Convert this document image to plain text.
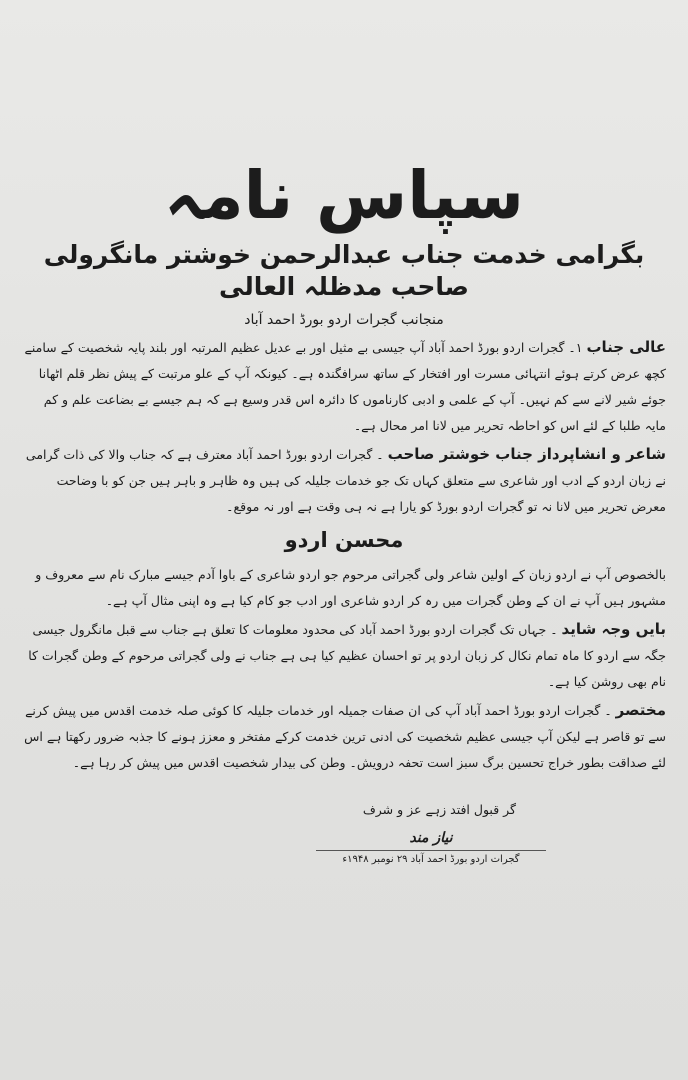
سپاس نامہ
بگرامی خدمت جناب عبدالرحمن خوشتر مانگرولی صاحب مدظلہ العالی
منجانب گجرات اردو بورڈ احمد آباد

عالی جناب ۱۔ گجرات اردو بورڈ احمد آباد آپ جیسی بے مثیل اور بے عدیل عظیم المرتبہ اور بلند پایہ شخصیت کے سامنے کچھ عرض کرتے ہوئے انتہائی مسرت اور افتخار کے ساتھ سرافگندہ ہے۔ کیونکہ آپ کے علو مرتبت کے پیش نظر قلم اٹھانا جوئے شیر لانے سے کم نہیں۔ آپ کے علمی و ادبی کارناموں کا دائرہ اس قدر وسیع ہے کہ ہم جیسے بے بضاعت علم و کم مایہ طلبا کے لئے اس کو احاطہ تحریر میں لانا امر محال ہے۔

شاعر و انشاپرداز جناب خوشتر صاحب ۔ گجرات اردو بورڈ احمد آباد معترف ہے کہ جناب والا کی ذات گرامی نے زبان اردو کے ادب اور شاعری سے متعلق کہاں تک جو خدمات جلیلہ کی ہیں وہ ظاہر و باہر ہیں جن کو با وضاحت معرض تحریر میں لانا نہ تو گجرات اردو بورڈ کو یارا ہے نہ ہی وقت ہے اور نہ موقع۔

محسن اردو

بالخصوص آپ نے اردو زبان کے اولین شاعر ولی گجراتی مرحوم جو اردو شاعری کے باوا آدم جیسے مبارک نام سے معروف و مشہور ہیں آپ نے ان کے وطن گجرات میں رہ کر اردو شاعری اور ادب جو کام کیا ہے وہ اپنی مثال آپ ہے۔

بایں وجہ شاید ۔ جہاں تک گجرات اردو بورڈ احمد آباد کی محدود معلومات کا تعلق ہے جناب سے قبل مانگرول جیسی جگہ سے اردو کا ماہ تمام نکال کر زبان اردو پر تو احسان عظیم کیا ہی ہے جناب نے ولی گجراتی مرحوم کے وطن گجرات کا نام بھی روشن کیا ہے۔

مختصر ۔ گجرات اردو بورڈ احمد آباد آپ کی ان صفات جمیلہ اور خدمات جلیلہ کا کوئی صلہ خدمت اقدس میں پیش کرنے سے تو قاصر ہے لیکن آپ جیسی عظیم شخصیت کی ادنی ترین خدمت کرکے مفتخر و معزز ہونے کا جذبہ ضرور رکھتا ہے اس لئے صداقت بطور خراج تحسین برگ سبز است تحفہ درویش۔ وطن کی بیدار شخصیت اقدس میں پیش کر رہا ہے۔

گر قبول افتد زہے عز و شرف
نیاز مند
گجرات اردو بورڈ احمد آباد ۲۹ نومبر ۱۹۴۸ء
